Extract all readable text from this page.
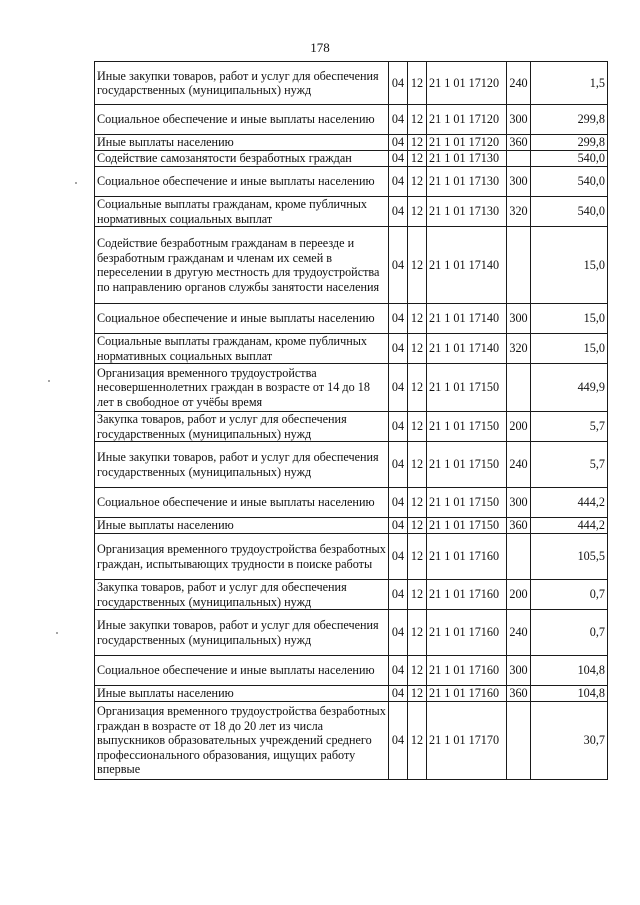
178
Иные закупки товаров, работ и услуг для обеспечения государственных (муниципальных) нужд	04	12	21 1 01 17120	240	1,5
Социальное обеспечение и иные выплаты населению	04	12	21 1 01 17120	300	299,8
Иные выплаты населению	04	12	21 1 01 17120	360	299,8
Содействие самозанятости безработных граждан	04	12	21 1 01 17130		540,0
Социальное обеспечение и иные выплаты населению	04	12	21 1 01 17130	300	540,0
Социальные выплаты гражданам, кроме публичных нормативных социальных выплат	04	12	21 1 01 17130	320	540,0
Содействие безработным гражданам в переезде и безработным гражданам и членам их семей в переселении в другую местность для трудоустройства по направлению органов службы занятости населения	04	12	21 1 01 17140		15,0
Социальное обеспечение и иные выплаты населению	04	12	21 1 01 17140	300	15,0
Социальные выплаты гражданам, кроме публичных нормативных социальных выплат	04	12	21 1 01 17140	320	15,0
Организация временного трудоустройства несовершеннолетних граждан в возрасте от 14 до 18 лет в свободное от учёбы время	04	12	21 1 01 17150		449,9
Закупка товаров, работ и услуг для обеспечения государственных (муниципальных) нужд	04	12	21 1 01 17150	200	5,7
Иные закупки товаров, работ и услуг для обеспечения государственных (муниципальных) нужд	04	12	21 1 01 17150	240	5,7
Социальное обеспечение и иные выплаты населению	04	12	21 1 01 17150	300	444,2
Иные выплаты населению	04	12	21 1 01 17150	360	444,2
Организация временного трудоустройства безработных граждан, испытывающих трудности в поиске работы	04	12	21 1 01 17160		105,5
Закупка товаров, работ и услуг для обеспечения государственных (муниципальных) нужд	04	12	21 1 01 17160	200	0,7
Иные закупки товаров, работ и услуг для обеспечения государственных (муниципальных) нужд	04	12	21 1 01 17160	240	0,7
Социальное обеспечение и иные выплаты населению	04	12	21 1 01 17160	300	104,8
Иные выплаты населению	04	12	21 1 01 17160	360	104,8
Организация временного трудоустройства безработных граждан в возрасте от 18 до 20 лет из числа выпускников образовательных учреждений среднего профессионального образования, ищущих работу впервые	04	12	21 1 01 17170		30,7
